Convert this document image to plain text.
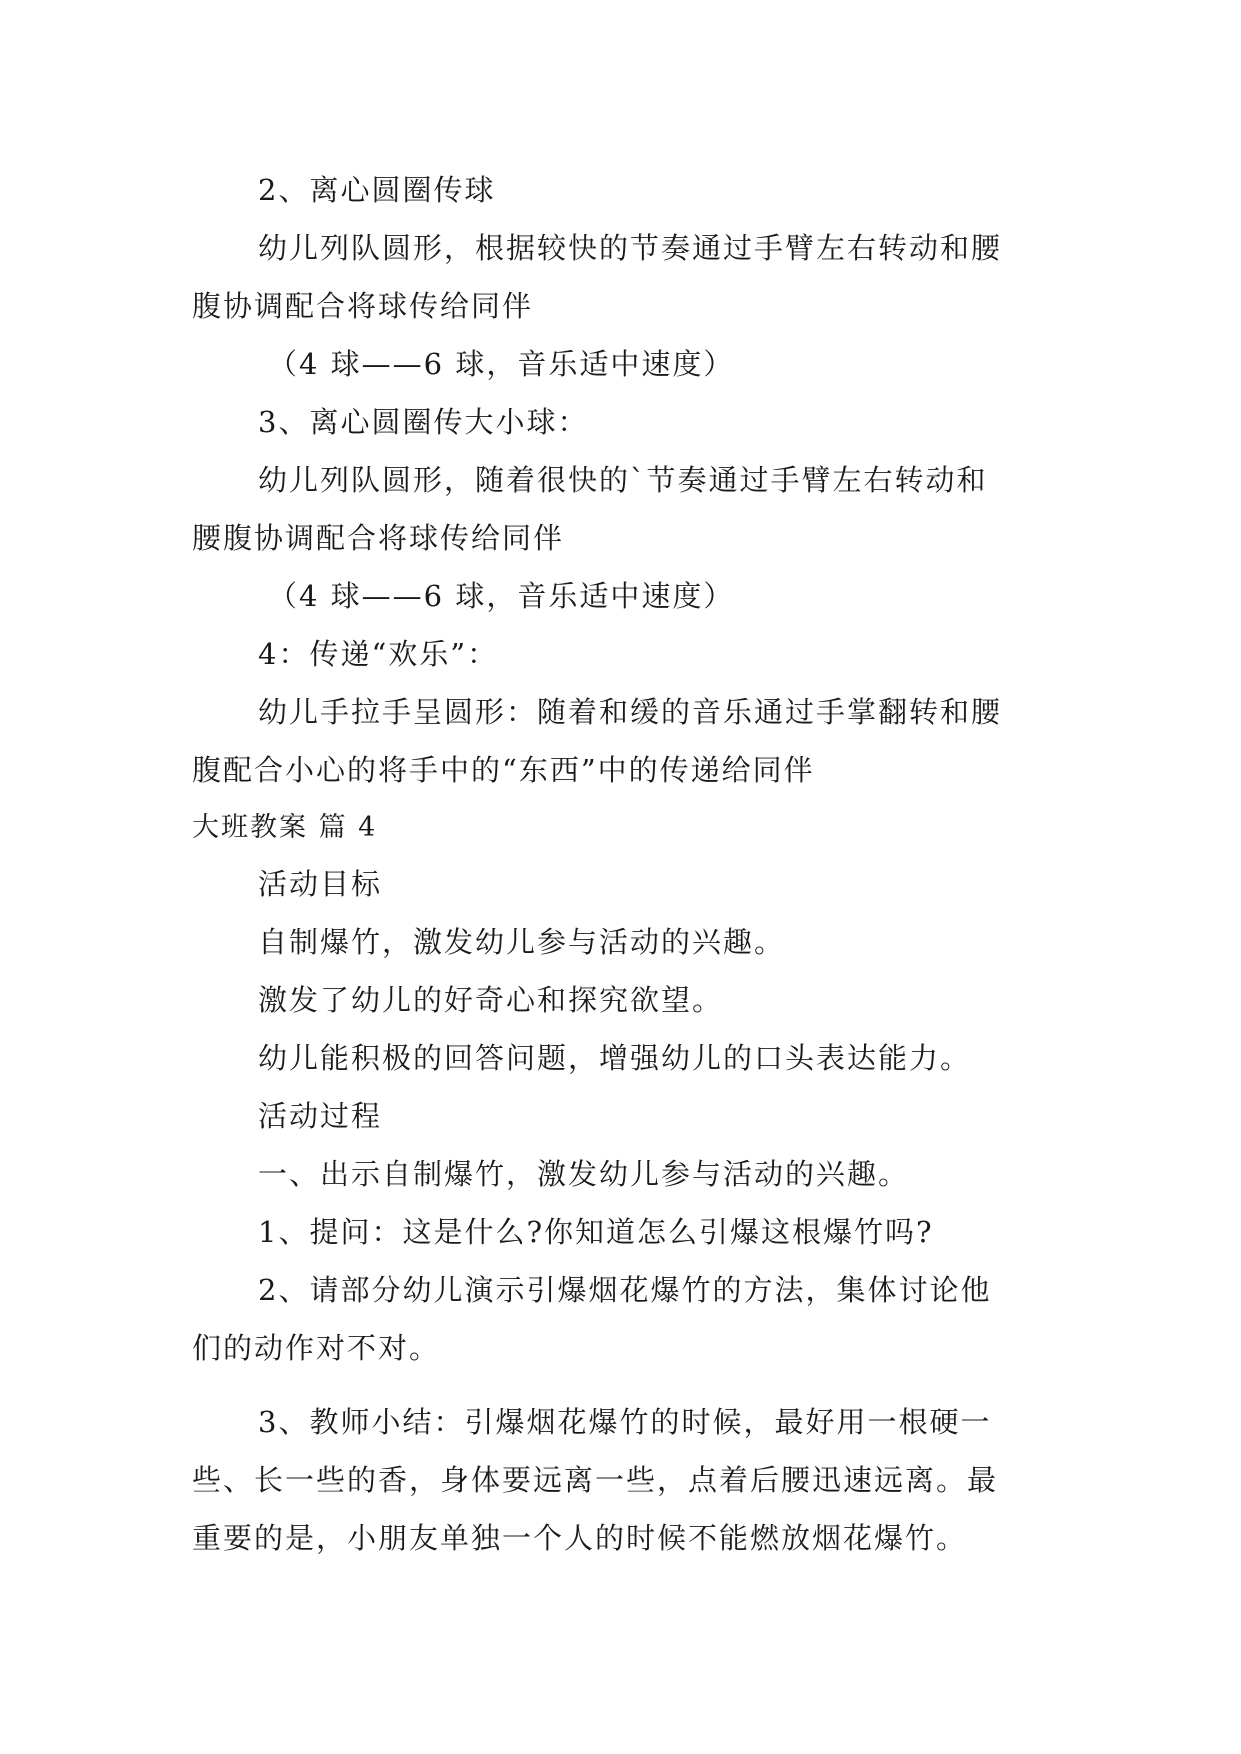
2、离心圆圈传球
幼儿列队圆形，根据较快的节奏通过手臂左右转动和腰
腹协调配合将球传给同伴
（4 球——6 球，音乐适中速度）
3、离心圆圈传大小球：
幼儿列队圆形，随着很快的`节奏通过手臂左右转动和
腰腹协调配合将球传给同伴
（4 球——6 球，音乐适中速度）
4：传递“欢乐”：
幼儿手拉手呈圆形：随着和缓的音乐通过手掌翻转和腰
腹配合小心的将手中的“东西”中的传递给同伴
大班教案 篇 4
活动目标
自制爆竹，激发幼儿参与活动的兴趣。
激发了幼儿的好奇心和探究欲望。
幼儿能积极的回答问题，增强幼儿的口头表达能力。
活动过程
一、出示自制爆竹，激发幼儿参与活动的兴趣。
1、提问：这是什么?你知道怎么引爆这根爆竹吗?
2、请部分幼儿演示引爆烟花爆竹的方法，集体讨论他
们的动作对不对。
3、教师小结：引爆烟花爆竹的时候，最好用一根硬一
些、长一些的香，身体要远离一些，点着后腰迅速远离。最
重要的是，小朋友单独一个人的时候不能燃放烟花爆竹。
